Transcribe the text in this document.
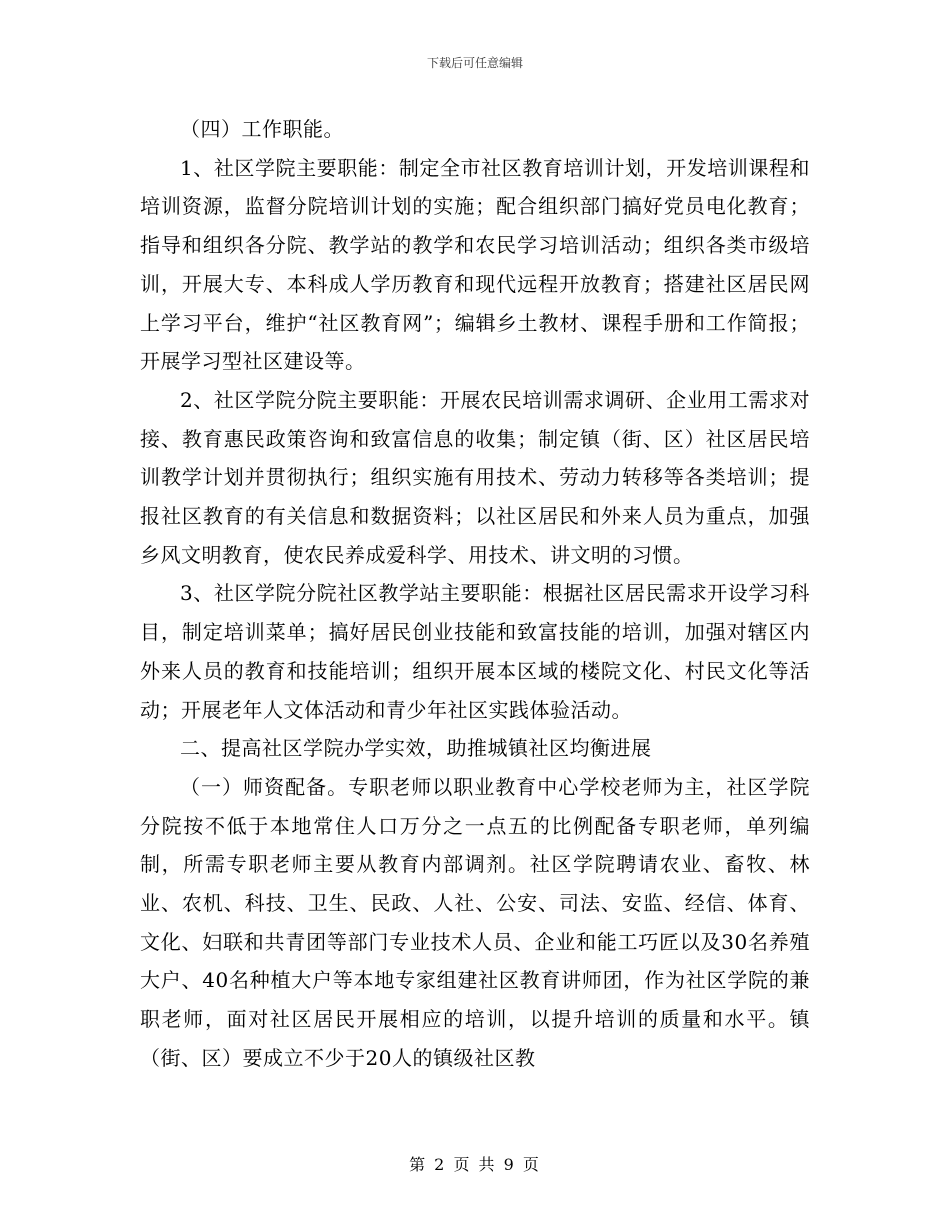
下载后可任意编辑

（四）工作职能。

1、社区学院主要职能：制定全市社区教育培训计划，开发培训课程和培训资源，监督分院培训计划的实施；配合组织部门搞好党员电化教育；指导和组织各分院、教学站的教学和农民学习培训活动；组织各类市级培训，开展大专、本科成人学历教育和现代远程开放教育；搭建社区居民网上学习平台，维护“社区教育网”；编辑乡土教材、课程手册和工作简报；开展学习型社区建设等。

2、社区学院分院主要职能：开展农民培训需求调研、企业用工需求对接、教育惠民政策咨询和致富信息的收集；制定镇（街、区）社区居民培训教学计划并贯彻执行；组织实施有用技术、劳动力转移等各类培训；提报社区教育的有关信息和数据资料；以社区居民和外来人员为重点，加强乡风文明教育，使农民养成爱科学、用技术、讲文明的习惯。

3、社区学院分院社区教学站主要职能：根据社区居民需求开设学习科目，制定培训菜单；搞好居民创业技能和致富技能的培训，加强对辖区内外来人员的教育和技能培训；组织开展本区域的楼院文化、村民文化等活动；开展老年人文体活动和青少年社区实践体验活动。

二、提高社区学院办学实效，助推城镇社区均衡进展

（一）师资配备。专职老师以职业教育中心学校老师为主，社区学院分院按不低于本地常住人口万分之一点五的比例配备专职老师，单列编制，所需专职老师主要从教育内部调剂。社区学院聘请农业、畜牧、林业、农机、科技、卫生、民政、人社、公安、司法、安监、经信、体育、文化、妇联和共青团等部门专业技术人员、企业和能工巧匠以及30名养殖大户、40名种植大户等本地专家组建社区教育讲师团，作为社区学院的兼职老师，面对社区居民开展相应的培训，以提升培训的质量和水平。镇（街、区）要成立不少于20人的镇级社区教

第 2 页 共 9 页
